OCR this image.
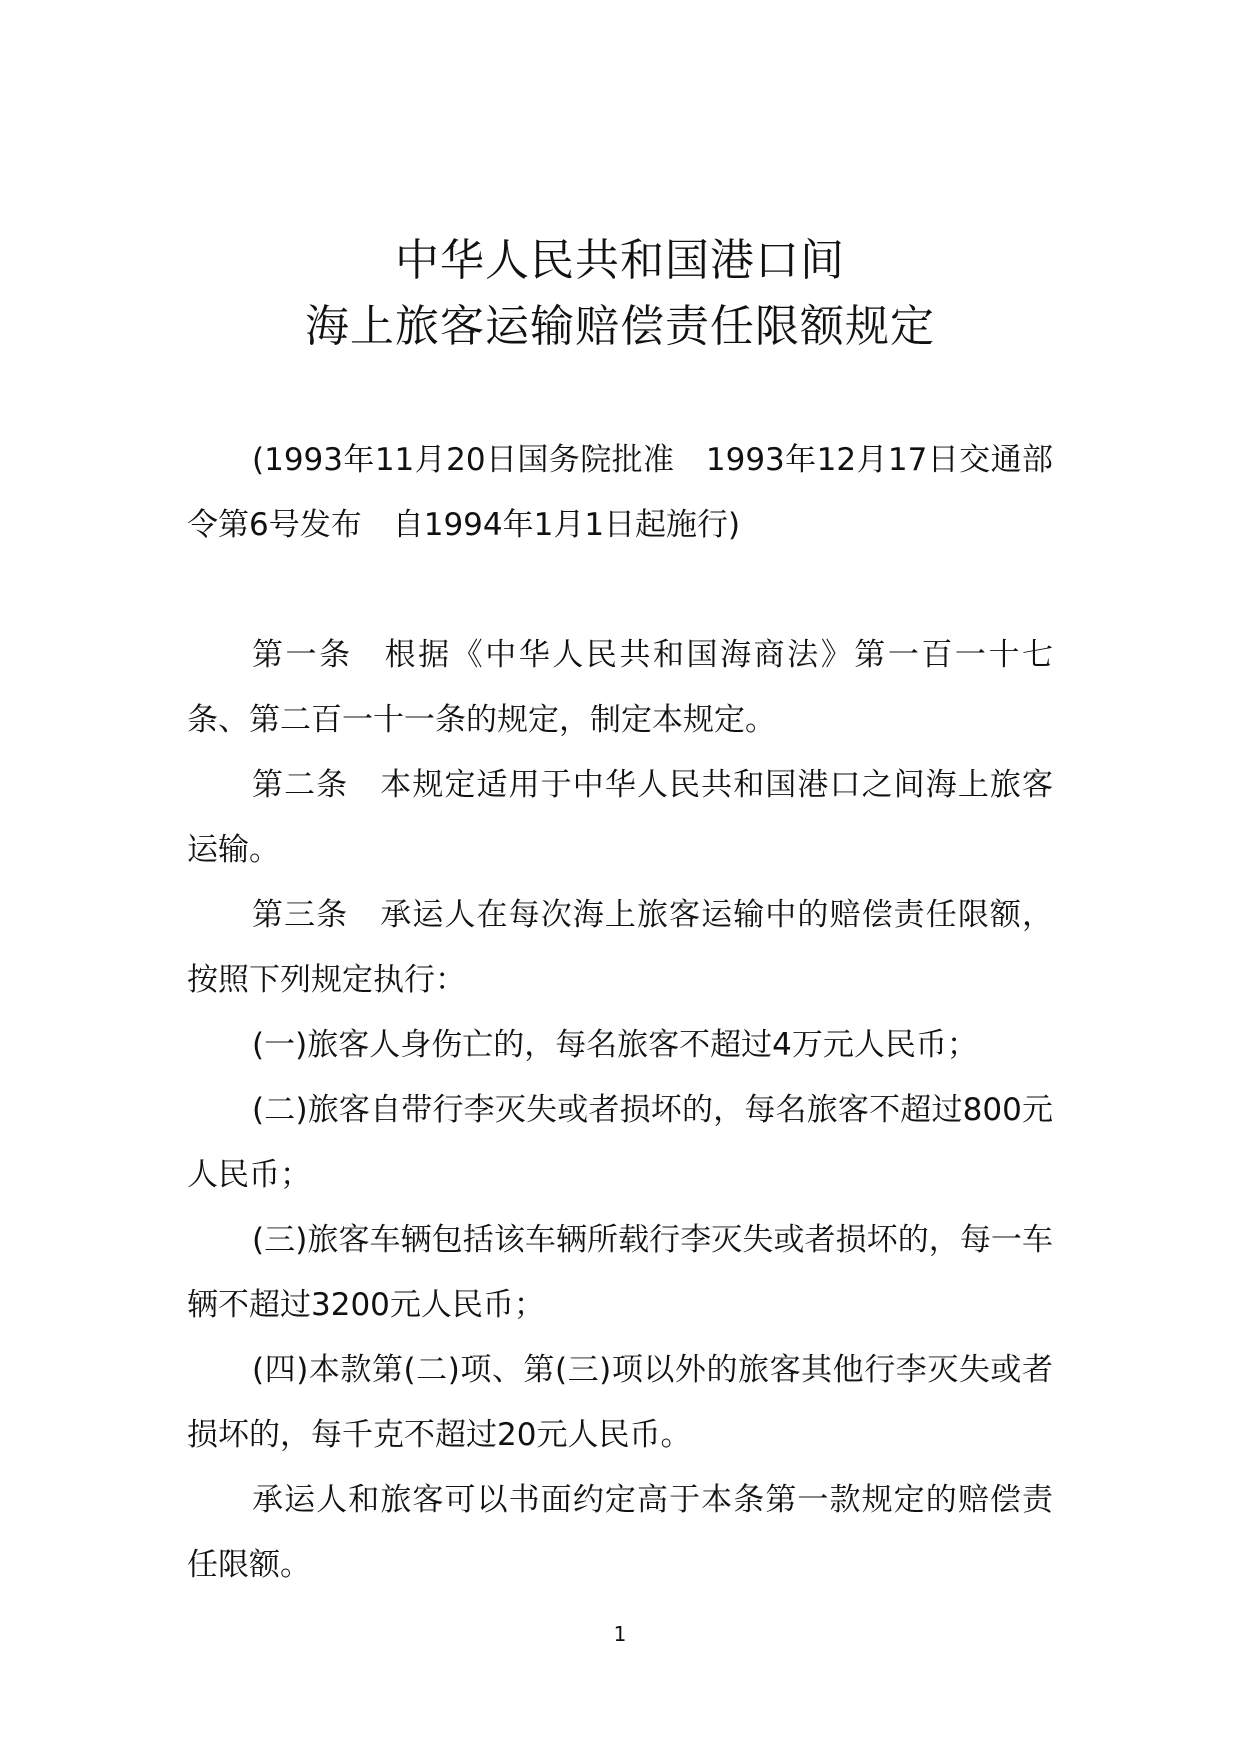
中华人民共和国港口间
海上旅客运输赔偿责任限额规定

(1993年11月20日国务院批准　1993年12月17日交通部令第6号发布　自1994年1月1日起施行)

第一条 根据《中华人民共和国海商法》第一百一十七条、第二百一十一条的规定，制定本规定。

第二条 本规定适用于中华人民共和国港口之间海上旅客运输。

第三条 承运人在每次海上旅客运输中的赔偿责任限额，按照下列规定执行：

(一)旅客人身伤亡的，每名旅客不超过4万元人民币；

(二)旅客自带行李灭失或者损坏的，每名旅客不超过800元人民币；

(三)旅客车辆包括该车辆所载行李灭失或者损坏的，每一车辆不超过3200元人民币；

(四)本款第(二)项、第(三)项以外的旅客其他行李灭失或者损坏的，每千克不超过20元人民币。

承运人和旅客可以书面约定高于本条第一款规定的赔偿责任限额。

1
